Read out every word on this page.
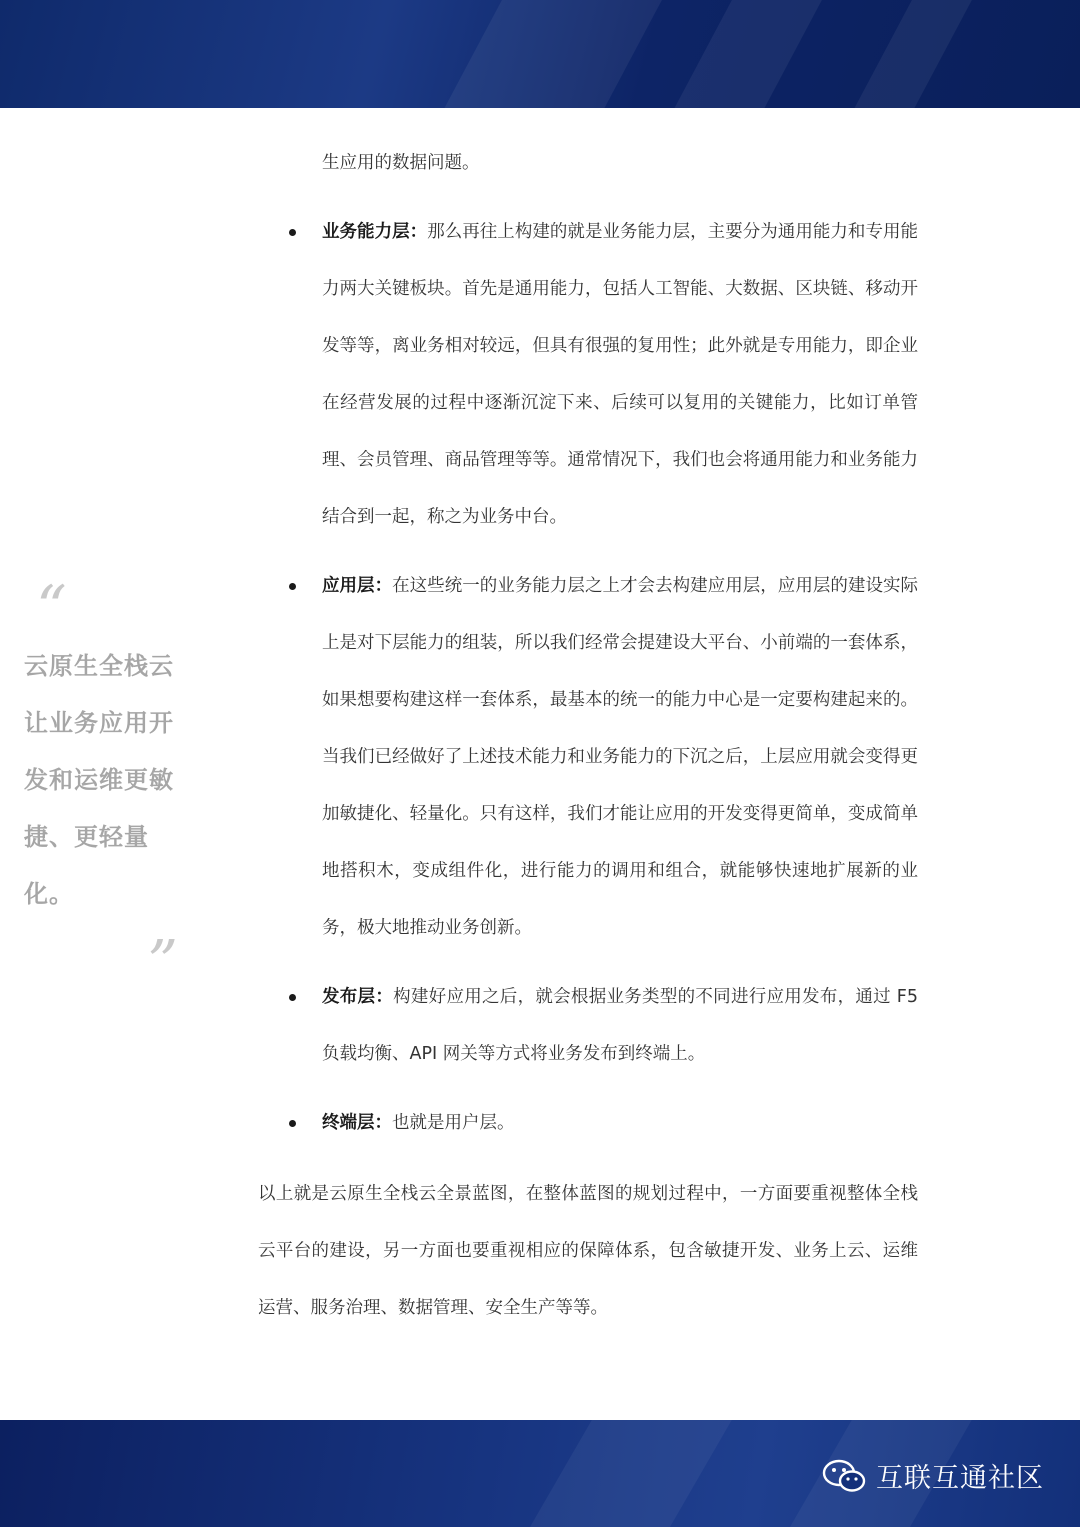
“
云原生全栈云
让业务应用开
发和运维更敏
捷、更轻量化。
”

生应用的数据问题。

业务能力层：那么再往上构建的就是业务能力层，主要分为通用能力和专用能力两大关键板块。首先是通用能力，包括人工智能、大数据、区块链、移动开发等等，离业务相对较远，但具有很强的复用性；此外就是专用能力，即企业在经营发展的过程中逐渐沉淀下来、后续可以复用的关键能力，比如订单管理、会员管理、商品管理等等。通常情况下，我们也会将通用能力和业务能力结合到一起，称之为业务中台。
应用层：在这些统一的业务能力层之上才会去构建应用层，应用层的建设实际上是对下层能力的组装，所以我们经常会提建设大平台、小前端的一套体系，如果想要构建这样一套体系，最基本的统一的能力中心是一定要构建起来的。当我们已经做好了上述技术能力和业务能力的下沉之后，上层应用就会变得更加敏捷化、轻量化。只有这样，我们才能让应用的开发变得更简单，变成简单地搭积木，变成组件化，进行能力的调用和组合，就能够快速地扩展新的业务，极大地推动业务创新。
发布层：构建好应用之后，就会根据业务类型的不同进行应用发布，通过 F5 负载均衡、API 网关等方式将业务发布到终端上。
终端层：也就是用户层。

以上就是云原生全栈云全景蓝图，在整体蓝图的规划过程中，一方面要重视整体全栈云平台的建设，另一方面也要重视相应的保障体系，包含敏捷开发、业务上云、运维运营、服务治理、数据管理、安全生产等等。

互联互通社区
